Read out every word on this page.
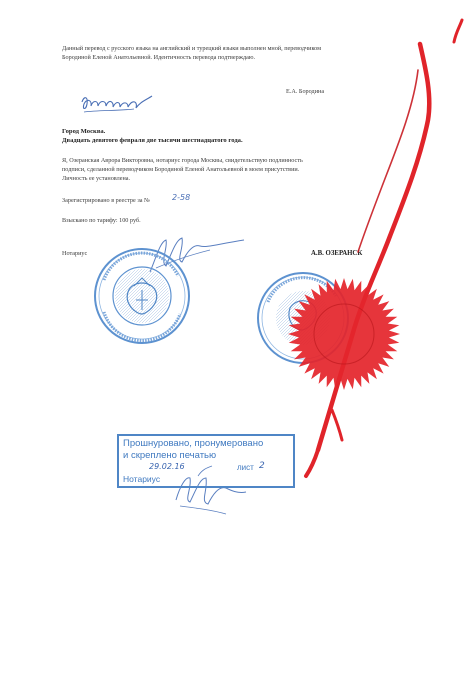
Данный перевод с русского языка на английский и турецкий языки выполнен мной, переводчиком
Бородиной Еленой Анатольевной. Идентичность перевода подтверждаю.
Е.А. Бородина
Город Москва.
Двадцать девятого февраля две тысячи шестнадцатого года.
Я, Озеранская Аврора Викторовна, нотариус города Москвы, свидетельствую подлинность
подписи, сделанной переводчиком Бородиной Еленой Анатольевной в моем присутствии.
Личность ее установлена.
Зарегистрировано в реестре за №	2-58
Взыскано по тарифу: 100 руб.
Нотариус	А.В. ОЗЕРАНСК
Прошнуровано, пронумеровано
и скреплено печатью
29.02.16	лист 2
Нотариус
